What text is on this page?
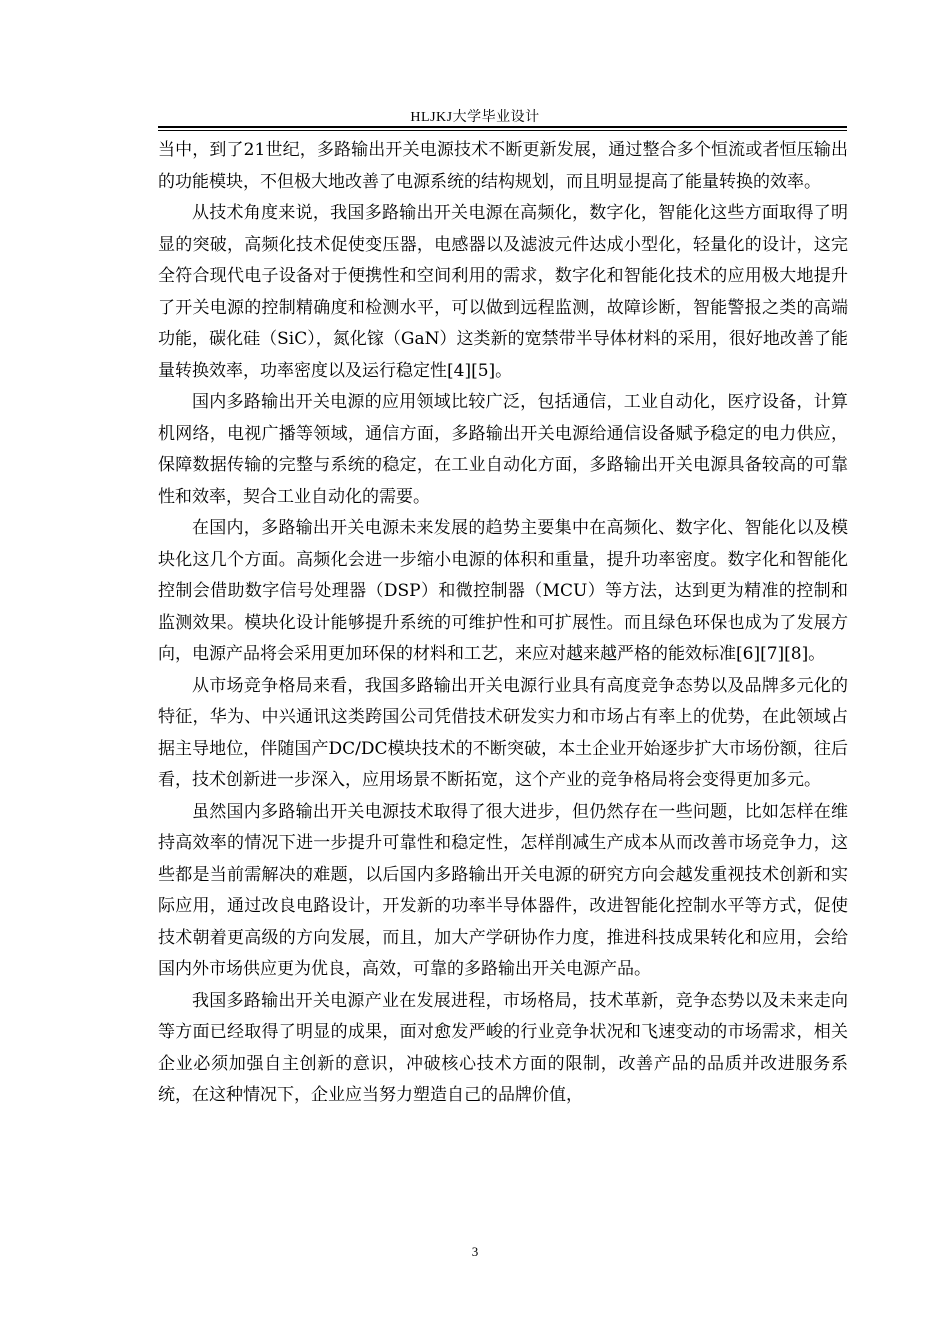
HLJKJ大学毕业设计

当中，到了21世纪，多路输出开关电源技术不断更新发展，通过整合多个恒流或者恒压输出的功能模块，不但极大地改善了电源系统的结构规划，而且明显提高了能量转换的效率。

从技术角度来说，我国多路输出开关电源在高频化，数字化，智能化这些方面取得了明显的突破，高频化技术促使变压器，电感器以及滤波元件达成小型化，轻量化的设计，这完全符合现代电子设备对于便携性和空间利用的需求，数字化和智能化技术的应用极大地提升了开关电源的控制精确度和检测水平，可以做到远程监测，故障诊断，智能警报之类的高端功能，碳化硅（SiC），氮化镓（GaN）这类新的宽禁带半导体材料的采用，很好地改善了能量转换效率，功率密度以及运行稳定性[4][5]。

国内多路输出开关电源的应用领域比较广泛，包括通信，工业自动化，医疗设备，计算机网络，电视广播等领域，通信方面，多路输出开关电源给通信设备赋予稳定的电力供应，保障数据传输的完整与系统的稳定，在工业自动化方面，多路输出开关电源具备较高的可靠性和效率，契合工业自动化的需要。

在国内，多路输出开关电源未来发展的趋势主要集中在高频化、数字化、智能化以及模块化这几个方面。高频化会进一步缩小电源的体积和重量，提升功率密度。数字化和智能化控制会借助数字信号处理器（DSP）和微控制器（MCU）等方法，达到更为精准的控制和监测效果。模块化设计能够提升系统的可维护性和可扩展性。而且绿色环保也成为了发展方向，电源产品将会采用更加环保的材料和工艺，来应对越来越严格的能效标准[6][7][8]。

从市场竞争格局来看，我国多路输出开关电源行业具有高度竞争态势以及品牌多元化的特征，华为、中兴通讯这类跨国公司凭借技术研发实力和市场占有率上的优势，在此领域占据主导地位，伴随国产DC/DC模块技术的不断突破，本土企业开始逐步扩大市场份额，往后看，技术创新进一步深入，应用场景不断拓宽，这个产业的竞争格局将会变得更加多元。

虽然国内多路输出开关电源技术取得了很大进步，但仍然存在一些问题，比如怎样在维持高效率的情况下进一步提升可靠性和稳定性，怎样削减生产成本从而改善市场竞争力，这些都是当前需解决的难题，以后国内多路输出开关电源的研究方向会越发重视技术创新和实际应用，通过改良电路设计，开发新的功率半导体器件，改进智能化控制水平等方式，促使技术朝着更高级的方向发展，而且，加大产学研协作力度，推进科技成果转化和应用，会给国内外市场供应更为优良，高效，可靠的多路输出开关电源产品。

我国多路输出开关电源产业在发展进程，市场格局，技术革新，竞争态势以及未来走向等方面已经取得了明显的成果，面对愈发严峻的行业竞争状况和飞速变动的市场需求，相关企业必须加强自主创新的意识，冲破核心技术方面的限制，改善产品的品质并改进服务系统，在这种情况下，企业应当努力塑造自己的品牌价值，

3
